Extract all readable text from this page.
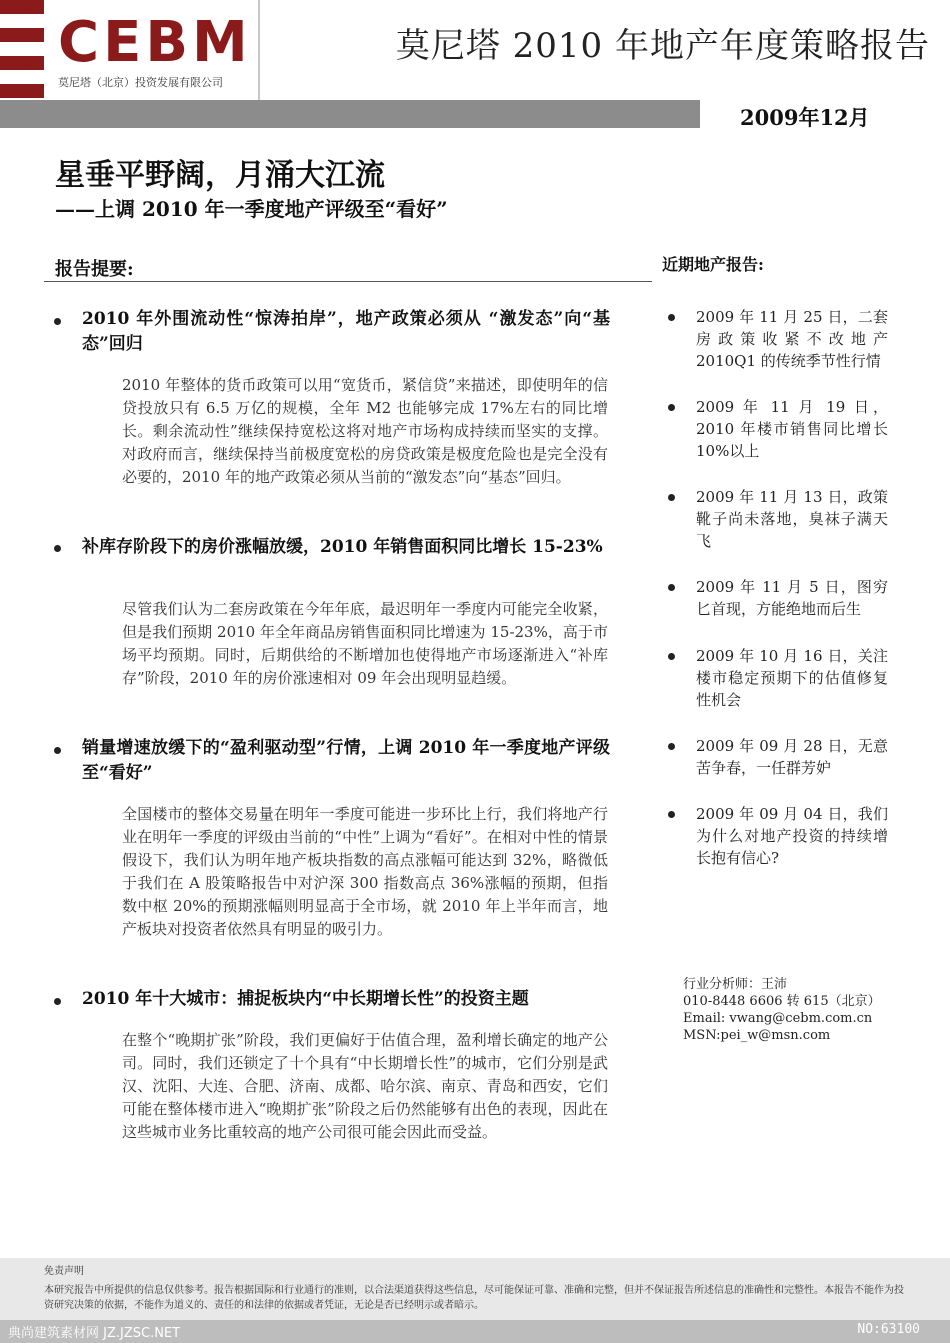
CEBM
莫尼塔（北京）投资发展有限公司
莫尼塔 2010 年地产年度策略报告
2009年12月
星垂平野阔，月涌大江流
——上调 2010 年一季度地产评级至“看好”
报告提要:
2010 年外围流动性“惊涛拍岸”，地产政策必须从 “激发态”向“基态”回归
2010 年整体的货币政策可以用“宽货币，紧信贷”来描述，即使明年的信贷投放只有 6.5 万亿的规模，全年 M2 也能够完成 17%左右的同比增长。剩余流动性”继续保持宽松这将对地产市场构成持续而坚实的支撑。对政府而言，继续保持当前极度宽松的房贷政策是极度危险也是完全没有必要的，2010 年的地产政策必须从当前的“激发态”向“基态”回归。
补库存阶段下的房价涨幅放缓，2010 年销售面积同比增长 15-23%
尽管我们认为二套房政策在今年年底，最迟明年一季度内可能完全收紧，但是我们预期 2010 年全年商品房销售面积同比增速为 15-23%，高于市场平均预期。同时，后期供给的不断增加也使得地产市场逐渐进入“补库存”阶段，2010 年的房价涨速相对 09 年会出现明显趋缓。
销量增速放缓下的“盈利驱动型”行情，上调 2010 年一季度地产评级至“看好”
全国楼市的整体交易量在明年一季度可能进一步环比上行，我们将地产行业在明年一季度的评级由当前的“中性”上调为“看好”。在相对中性的情景假设下，我们认为明年地产板块指数的高点涨幅可能达到 32%，略微低于我们在 A 股策略报告中对沪深 300 指数高点 36%涨幅的预期，但指数中枢 20%的预期涨幅则明显高于全市场，就 2010 年上半年而言，地产板块对投资者依然具有明显的吸引力。
2010 年十大城市：捕捉板块内“中长期增长性”的投资主题
在整个“晚期扩张”阶段，我们更偏好于估值合理，盈利增长确定的地产公司。同时，我们还锁定了十个具有“中长期增长性”的城市，它们分别是武汉、沈阳、大连、合肥、济南、成都、哈尔滨、南京、青岛和西安，它们可能在整体楼市进入“晚期扩张”阶段之后仍然能够有出色的表现，因此在这些城市业务比重较高的地产公司很可能会因此而受益。
近期地产报告:
2009 年 11 月 25 日，二套房政策收紧不改地产 2010Q1 的传统季节性行情
2009 年 11 月 19 日，2010 年楼市销售同比增长 10%以上
2009 年 11 月 13 日，政策靴子尚未落地，臭袜子满天飞
2009 年 11 月 5 日，图穷匕首现，方能绝地而后生
2009 年 10 月 16 日，关注楼市稳定预期下的估值修复性机会
2009 年 09 月 28 日，无意苦争春，一任群芳妒
2009 年 09 月 04 日，我们为什么对地产投资的持续增长抱有信心?
行业分析师：王沛
010-8448 6606 转 615（北京）
Email: vwang@cebm.com.cn
MSN:pei_w@msn.com
免责声明
本研究报告中所提供的信息仅供参考。报告根据国际和行业通行的准则，以合法渠道获得这些信息，尽可能保证可靠、准确和完整，但并不保证报告所述信息的准确性和完整性。本报告不能作为投资研究决策的依据，不能作为道义的、责任的和法律的依据或者凭证，无论是否已经明示或者暗示。
典尚建筑素材网 JZ.JZSC.NET	NO:63100
